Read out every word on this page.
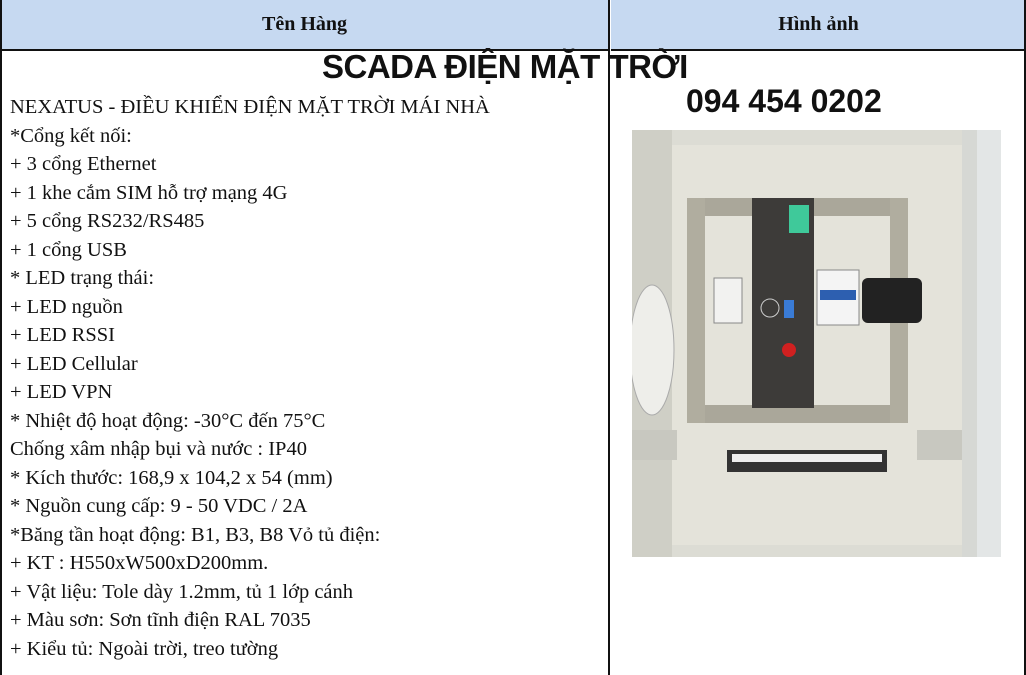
Tên Hàng	Hình ảnh
NEXATUS - ĐIỀU KHIỂN ĐIỆN MẶT TRỜI MÁI NHÀ
*Cổng kết nối:
+ 3 cổng Ethernet
+ 1 khe cắm SIM hỗ trợ mạng 4G
+ 5 cổng RS232/RS485
+ 1 cổng USB
* LED trạng thái:
+ LED nguồn
+ LED RSSI
+ LED Cellular
+ LED VPN
* Nhiệt độ hoạt động: -30°C đến 75°C
Chống xâm nhập bụi và nước : IP40
* Kích thước: 168,9 x 104,2 x 54 (mm)
* Nguồn cung cấp: 9 - 50 VDC / 2A
*Băng tần hoạt động: B1, B3, B8 Vỏ tủ điện:
+ KT : H550xW500xD200mm.
+ Vật liệu: Tole dày 1.2mm, tủ 1 lớp cánh
+ Màu sơn: Sơn tĩnh điện RAL 7035
+ Kiểu tủ: Ngoài trời, treo tường
SCADA ĐIỆN MẶT TRỜI
094 454 0202
